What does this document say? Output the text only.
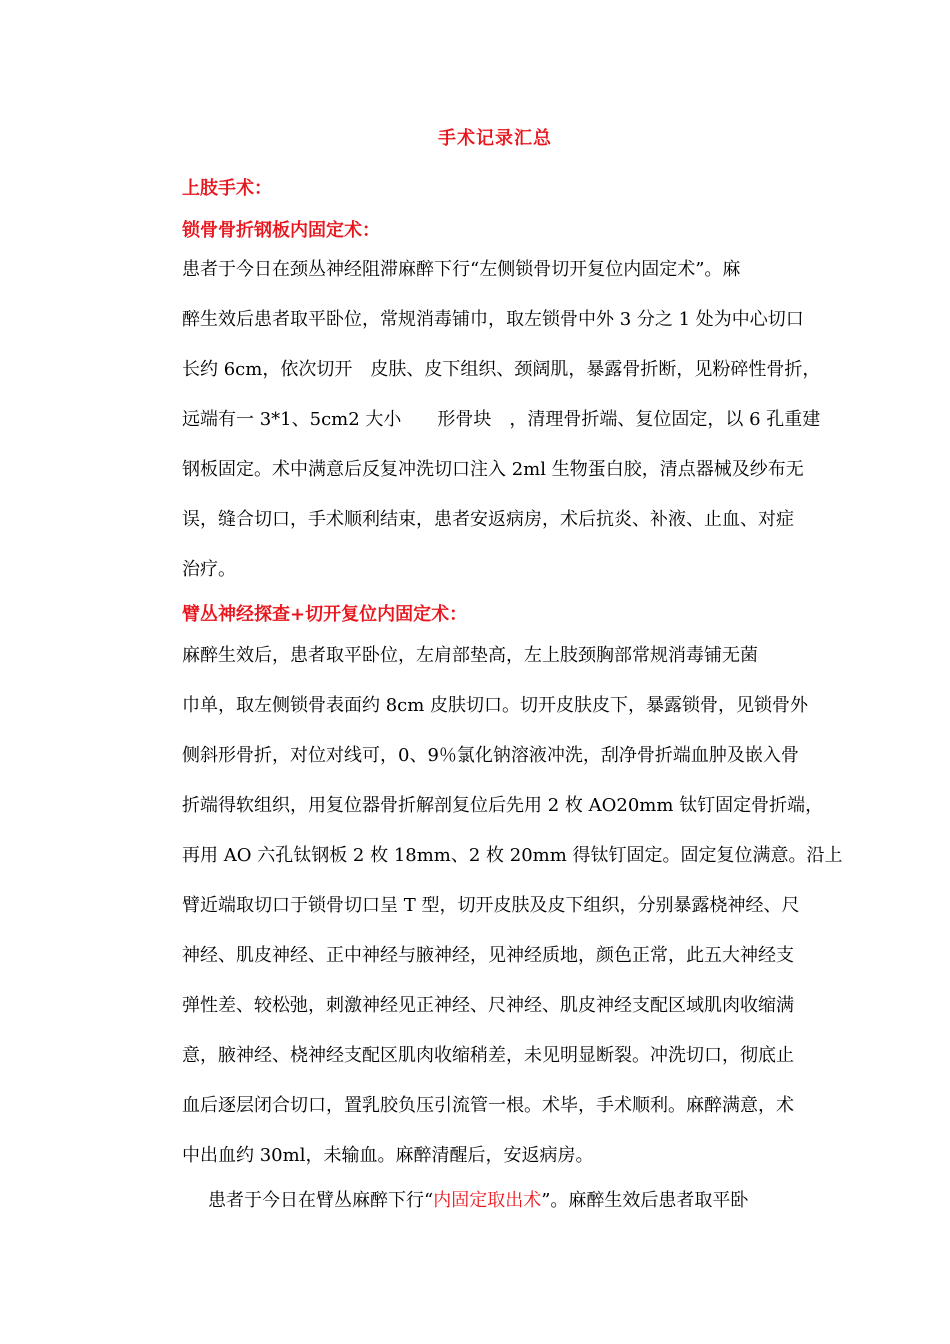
手术记录汇总
上肢手术：
锁骨骨折钢板内固定术：
患者于今日在颈丛神经阻滞麻醉下行“左侧锁骨切开复位内固定术”。麻
醉生效后患者取平卧位，常规消毒铺巾，取左锁骨中外 3 分之 1 处为中心切口
长约 6cm，依次切开　皮肤、皮下组织、颈阔肌，暴露骨折断，见粉碎性骨折，
远端有一 3*1、5cm2 大小　　形骨块　，清理骨折端、复位固定，以 6 孔重建
钢板固定。术中满意后反复冲洗切口注入 2ml 生物蛋白胶，清点器械及纱布无
误，缝合切口，手术顺利结束，患者安返病房，术后抗炎、补液、止血、对症
治疗。
臂丛神经探查+切开复位内固定术：
麻醉生效后，患者取平卧位，左肩部垫高，左上肢颈胸部常规消毒铺无菌
巾单，取左侧锁骨表面约 8cm 皮肤切口。切开皮肤皮下，暴露锁骨，见锁骨外
侧斜形骨折，对位对线可，0、9％氯化钠溶液冲洗，刮净骨折端血肿及嵌入骨
折端得软组织，用复位器骨折解剖复位后先用 2 枚 AO20mm 钛钉固定骨折端，
再用 AO 六孔钛钢板 2 枚 18mm、2 枚 20mm 得钛钉固定。固定复位满意。沿上
臂近端取切口于锁骨切口呈 T 型，切开皮肤及皮下组织，分别暴露桡神经、尺
神经、肌皮神经、正中神经与腋神经，见神经质地，颜色正常，此五大神经支
弹性差、较松弛，刺激神经见正神经、尺神经、肌皮神经支配区域肌肉收缩满
意，腋神经、桡神经支配区肌肉收缩稍差，未见明显断裂。冲洗切口，彻底止
血后逐层闭合切口，置乳胶负压引流管一根。术毕，手术顺利。麻醉满意，术
中出血约 30ml，未输血。麻醉清醒后，安返病房。
患者于今日在臂丛麻醉下行“内固定取出术”。麻醉生效后患者取平卧
